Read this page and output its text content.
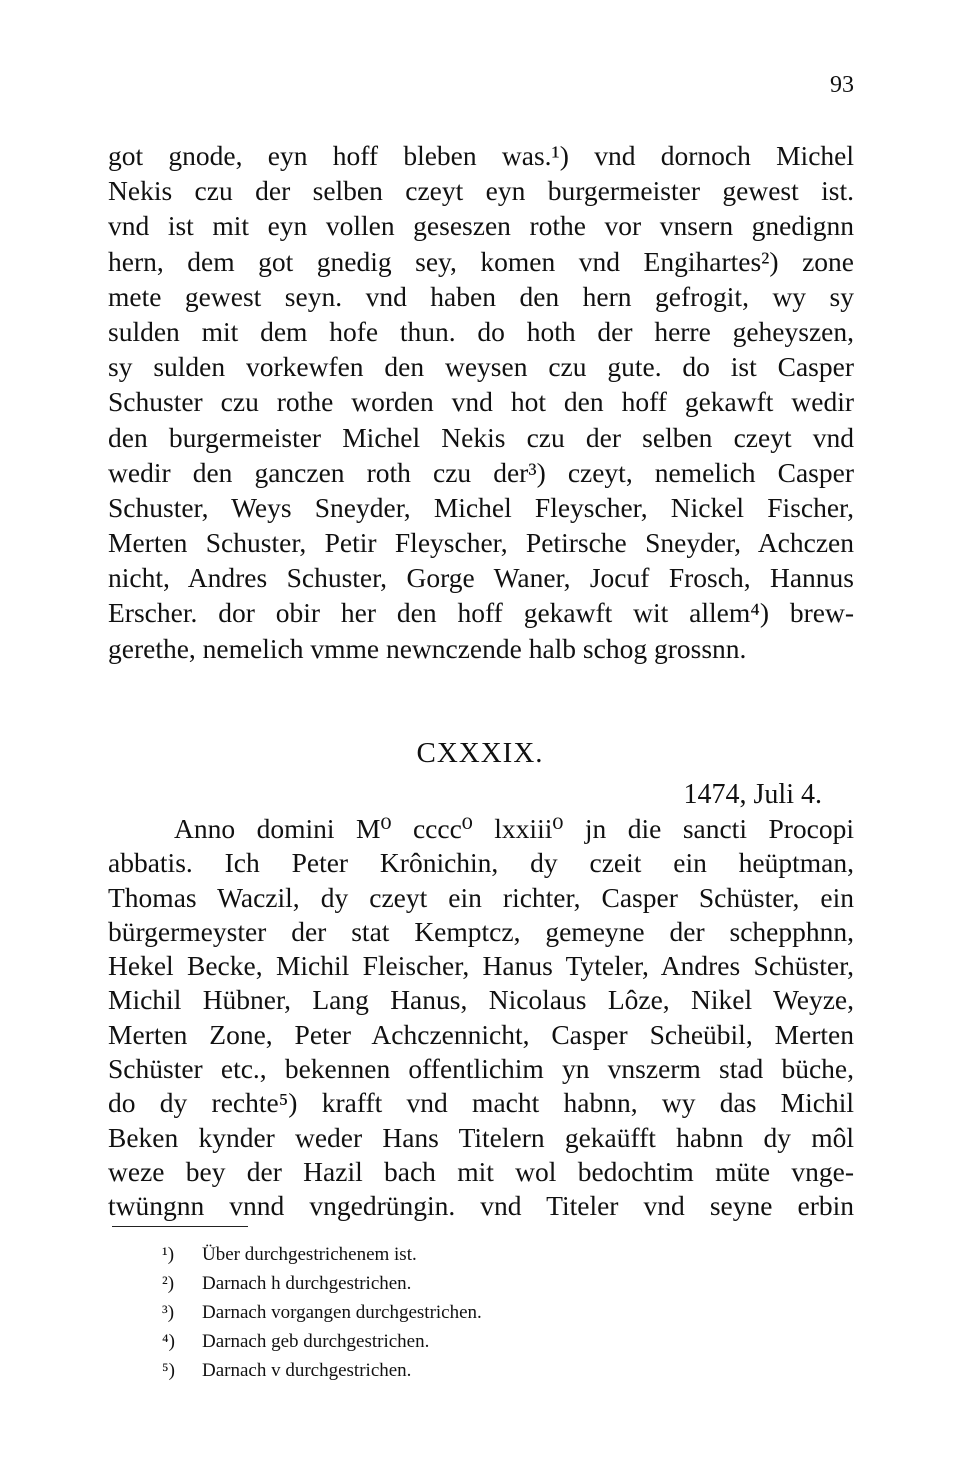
93
got gnode, eyn hoff bleben was.¹) vnd dornoch Michel
Nekis czu der selben czeyt eyn burgermeister gewest ist.
vnd ist mit eyn vollen geseszen rothe vor vnsern gnedignn
hern, dem got gnedig sey, komen vnd Engihartes²) zone
mete gewest seyn. vnd haben den hern gefrogit, wy sy
sulden mit dem hofe thun. do hoth der herre geheyszen,
sy sulden vorkewfen den weysen czu gute. do ist Casper
Schuster czu rothe worden vnd hot den hoff gekawft wedir
den burgermeister Michel Nekis czu der selben czeyt vnd
wedir den ganczen roth czu der³) czeyt, nemelich Casper
Schuster, Weys Sneyder, Michel Fleyscher, Nickel Fischer,
Merten Schuster, Petir Fleyscher, Petirsche Sneyder, Achczen
nicht, Andres Schuster, Gorge Waner, Jocuf Frosch, Hannus
Erscher. dor obir her den hoff gekawft wit allem⁴) brew-
gerethe, nemelich vmme newnczende halb schog grossnn.
CXXXIX.
1474, Juli 4.
Anno domini M⁰ cccc⁰ lxxiii⁰ jn die sancti Procopi
abbatis. Ich Peter Krônichin, dy czeit ein heüptman,
Thomas Waczil, dy czeyt ein richter, Casper Schüster, ein
bürgermeyster der stat Kemptcz, gemeyne der schepphnn,
Hekel Becke, Michil Fleischer, Hanus Tyteler, Andres Schüster,
Michil Hübner, Lang Hanus, Nicolaus Lôze, Nikel Weyze,
Merten Zone, Peter Achczennicht, Casper Scheübil, Merten
Schüster etc., bekennen offentlichim yn vnszerm stad büche,
do dy rechte⁵) krafft vnd macht habnn, wy das Michil
Beken kynder weder Hans Titelern gekaüfft habnn dy môl
weze bey der Hazil bach mit wol bedochtim müte vnge-
twüngnn vnnd vngedrüngin. vnd Titeler vnd seyne erbin
¹) Über durchgestrichenem ist.
²) Darnach h durchgestrichen.
³) Darnach vorgangen durchgestrichen.
⁴) Darnach geb durchgestrichen.
⁵) Darnach v durchgestrichen.
